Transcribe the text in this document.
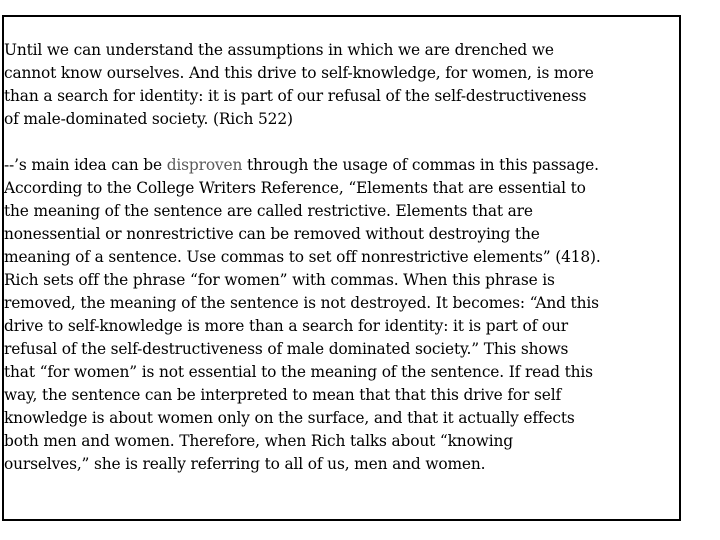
Until we can understand the assumptions in which we are drenched we
cannot know ourselves. And this drive to self-knowledge, for women, is more
than a search for identity: it is part of our refusal of the self-destructiveness
of male-dominated society. (Rich 522)

--’s main idea can be disproven through the usage of commas in this passage.
According to the College Writers Reference, “Elements that are essential to
the meaning of the sentence are called restrictive. Elements that are
nonessential or nonrestrictive can be removed without destroying the
meaning of a sentence. Use commas to set off nonrestrictive elements” (418).
Rich sets off the phrase “for women” with commas. When this phrase is
removed, the meaning of the sentence is not destroyed. It becomes: “And this
drive to self-knowledge is more than a search for identity: it is part of our
refusal of the self-destructiveness of male dominated society.” This shows
that “for women” is not essential to the meaning of the sentence. If read this
way, the sentence can be interpreted to mean that that this drive for self
knowledge is about women only on the surface, and that it actually effects
both men and women. Therefore, when Rich talks about “knowing
ourselves,” she is really referring to all of us, men and women.
